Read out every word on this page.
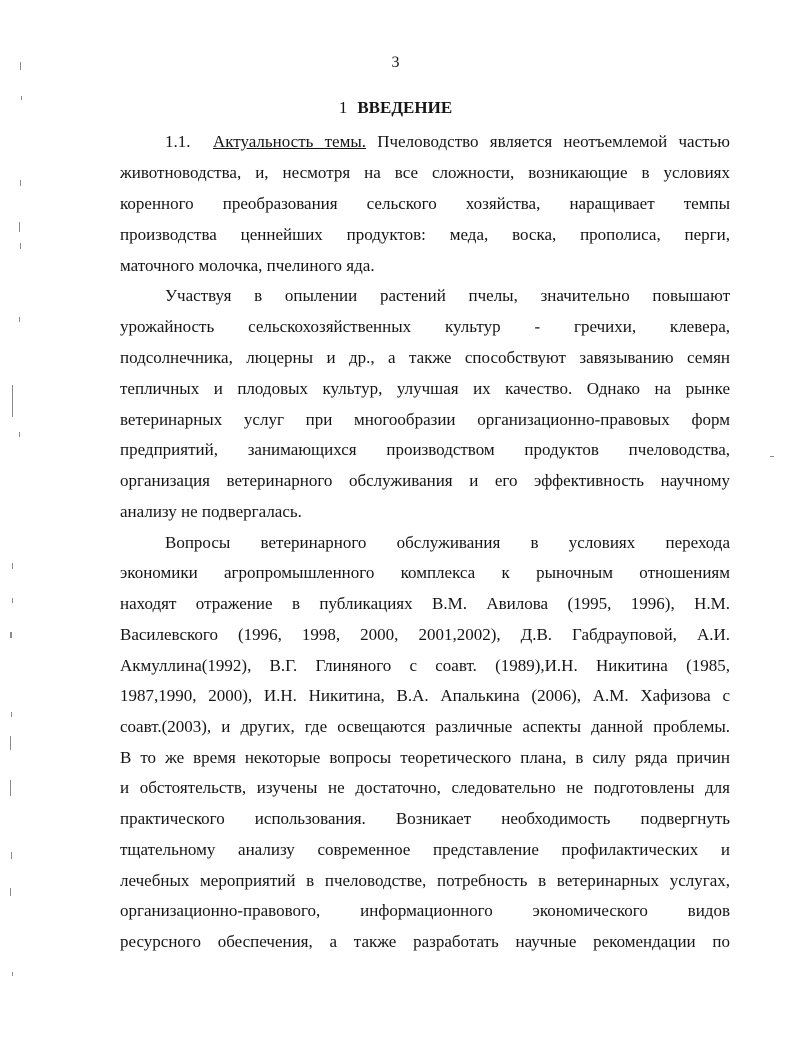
3
1 ВВЕДЕНИЕ
1.1. Актуальность темы. Пчеловодство является неотъемлемой частью
животноводства, и, несмотря на все сложности, возникающие в условиях
коренного преобразования сельского хозяйства, наращивает темпы
производства ценнейших продуктов: меда, воска, прополиса, перги,
маточного молочка, пчелиного яда.
Участвуя в опылении растений пчелы, значительно повышают
урожайность сельскохозяйственных культур - гречихи, клевера,
подсолнечника, люцерны и др., а также способствуют завязыванию семян
тепличных и плодовых культур, улучшая их качество. Однако на рынке
ветеринарных услуг при многообразии организационно-правовых форм
предприятий, занимающихся производством продуктов пчеловодства,
организация ветеринарного обслуживания и его эффективность научному
анализу не подвергалась.
Вопросы ветеринарного обслуживания в условиях перехода
экономики агропромышленного комплекса к рыночным отношениям
находят отражение в публикациях В.М. Авилова (1995, 1996), Н.М.
Василевского (1996, 1998, 2000, 2001,2002), Д.В. Габдрауповой, А.И.
Акмуллина(1992), В.Г. Глиняного с соавт. (1989),И.Н. Никитина (1985,
1987,1990, 2000), И.Н. Никитина, В.А. Апалькина (2006), А.М. Хафизова с
соавт.(2003), и других, где освещаются различные аспекты данной проблемы.
В то же время некоторые вопросы теоретического плана, в силу ряда причин
и обстоятельств, изучены не достаточно, следовательно не подготовлены для
практического использования. Возникает необходимость подвергнуть
тщательному анализу современное представление профилактических и
лечебных мероприятий в пчеловодстве, потребность в ветеринарных услугах,
организационно-правового, информационного экономического видов
ресурсного обеспечения, а также разработать научные рекомендации по
